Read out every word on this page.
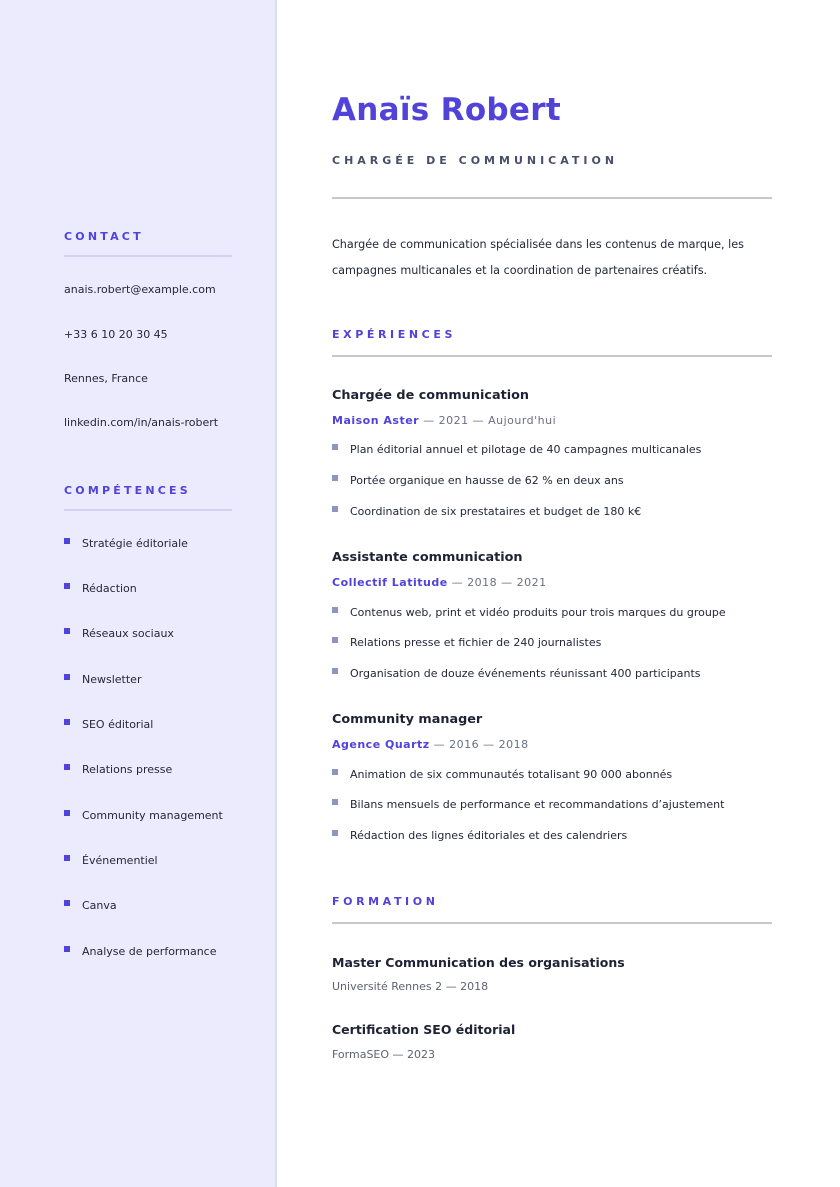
CONTACT
anais.robert@example.com
+33 6 10 20 30 45
Rennes, France
linkedin.com/in/anais-robert
COMPÉTENCES
Stratégie éditoriale
Rédaction
Réseaux sociaux
Newsletter
SEO éditorial
Relations presse
Community management
Événementiel
Canva
Analyse de performance
Anaïs Robert
CHARGÉE DE COMMUNICATION

Chargée de communication spécialisée dans les contenus de marque, les campagnes multicanales et la coordination de partenaires créatifs.

EXPÉRIENCES
Chargée de communication
Maison Aster — 2021 — Aujourd'hui
Plan éditorial annuel et pilotage de 40 campagnes multicanales
Portée organique en hausse de 62 % en deux ans
Coordination de six prestataires et budget de 180 k€
Assistante communication
Collectif Latitude — 2018 — 2021
Contenus web, print et vidéo produits pour trois marques du groupe
Relations presse et fichier de 240 journalistes
Organisation de douze événements réunissant 400 participants
Community manager
Agence Quartz — 2016 — 2018
Animation de six communautés totalisant 90 000 abonnés
Bilans mensuels de performance et recommandations d’ajustement
Rédaction des lignes éditoriales et des calendriers
FORMATION
Master Communication des organisations
Université Rennes 2 — 2018
Certification SEO éditorial
FormaSEO — 2023
